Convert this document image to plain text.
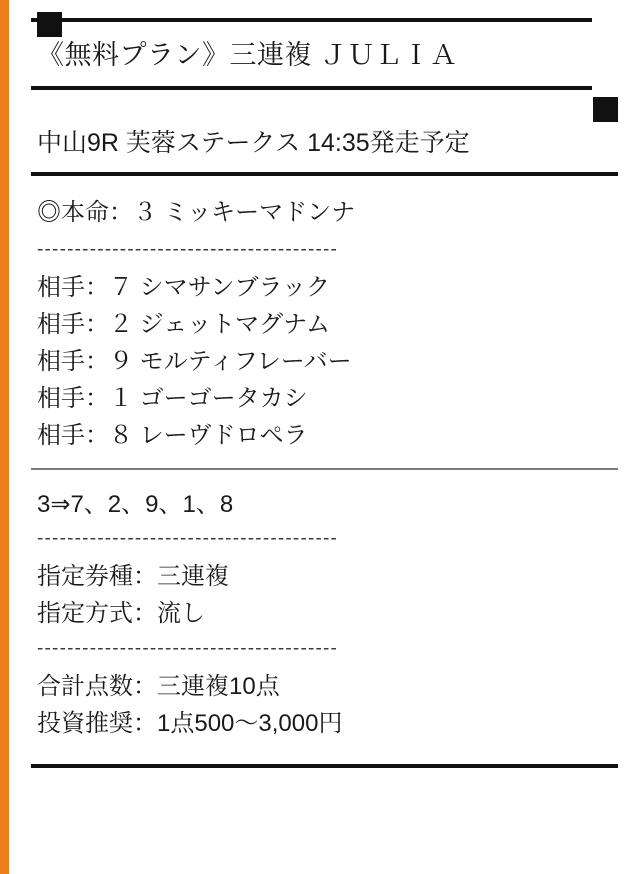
《無料プラン》三連複 ＪＵＬＩＡ
中山9R 芙蓉ステークス 14:35発走予定
◎本命：３ ミッキーマドンナ
----------------------------------------
相手：７ シマサンブラック
相手：２ ジェットマグナム
相手：９ モルティフレーバー
相手：１ ゴーゴータカシ
相手：８ レーヴドロペラ
3⇒7、2、9、1、8
----------------------------------------
指定券種：三連複
指定方式：流し
----------------------------------------
合計点数：三連複10点
投資推奨：1点500〜3,000円
